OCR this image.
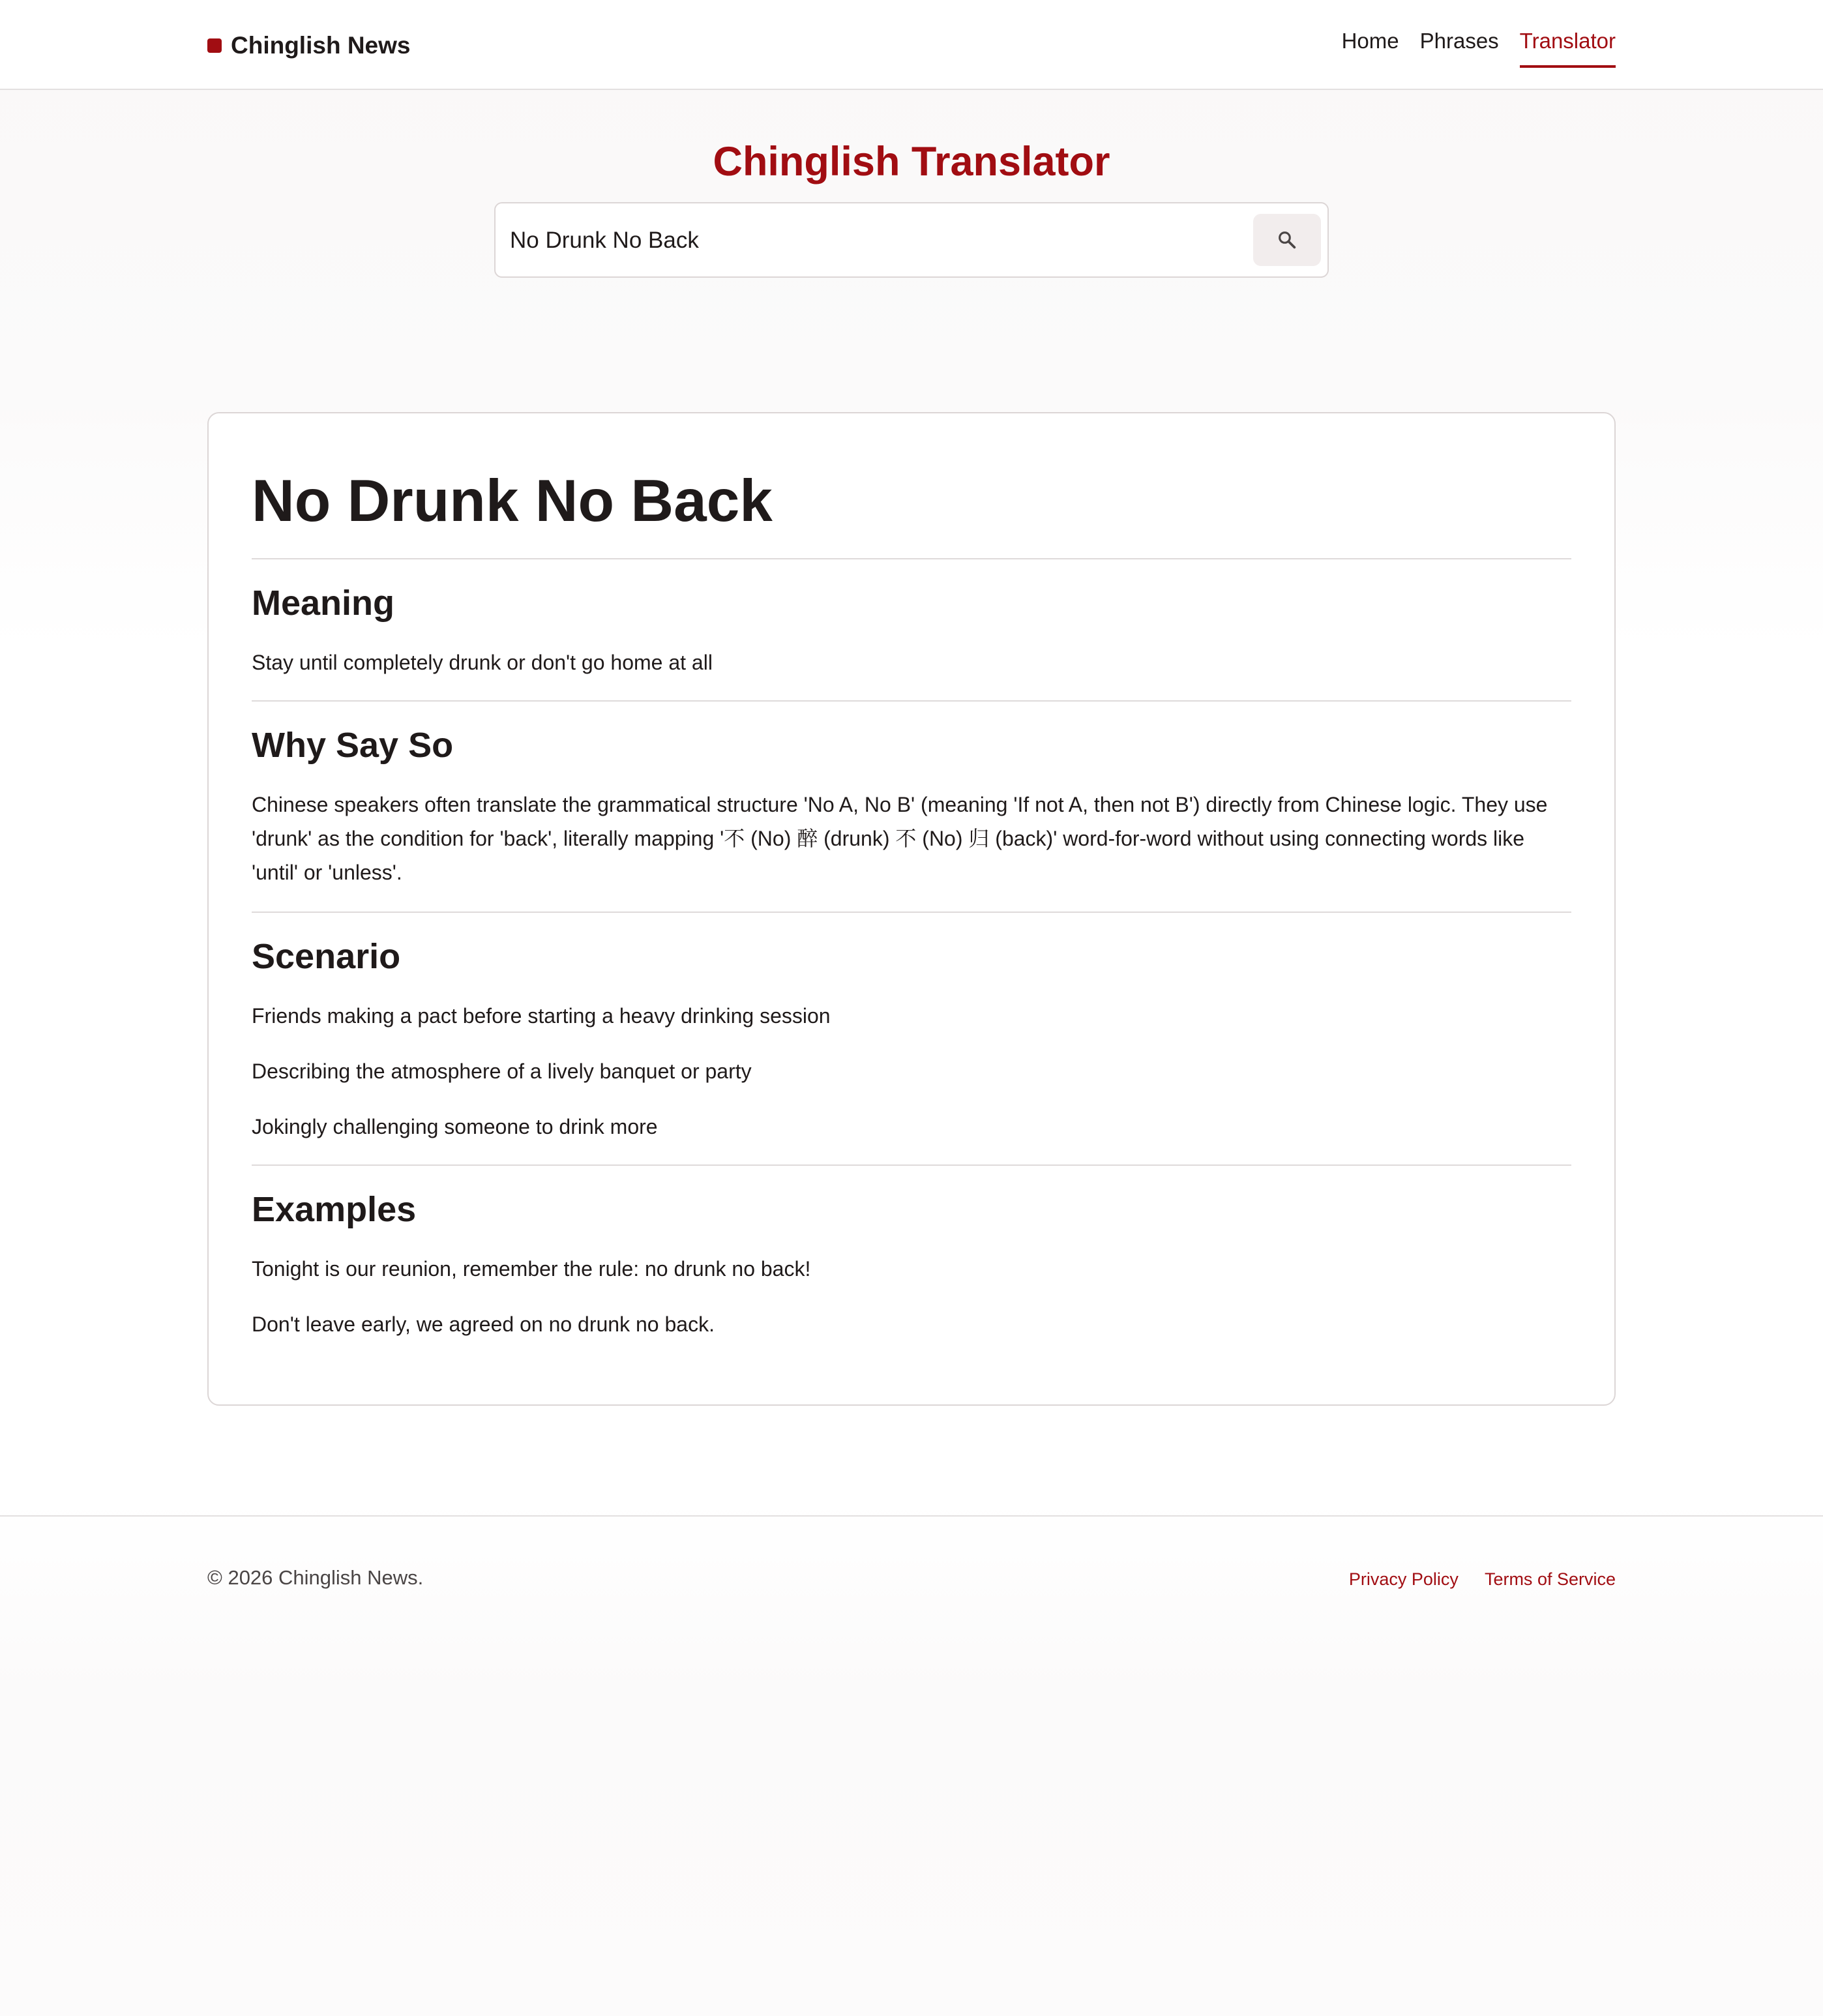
Chinglish News	Home Phrases Translator
Chinglish Translator
No Drunk No Back
No Drunk No Back
Meaning

Stay until completely drunk or don't go home at all

Why Say So

Chinese speakers often translate the grammatical structure 'No A, No B' (meaning 'If not A, then not B') directly from Chinese logic. They use 'drunk' as the condition for 'back', literally mapping '不 (No) 醉 (drunk) 不 (No) 归 (back)' word-for-word without using connecting words like 'until' or 'unless'.

Scenario

Friends making a pact before starting a heavy drinking session

Describing the atmosphere of a lively banquet or party

Jokingly challenging someone to drink more

Examples

Tonight is our reunion, remember the rule: no drunk no back!

Don't leave early, we agreed on no drunk no back.

© 2026 Chinglish News.	Privacy Policy Terms of Service
